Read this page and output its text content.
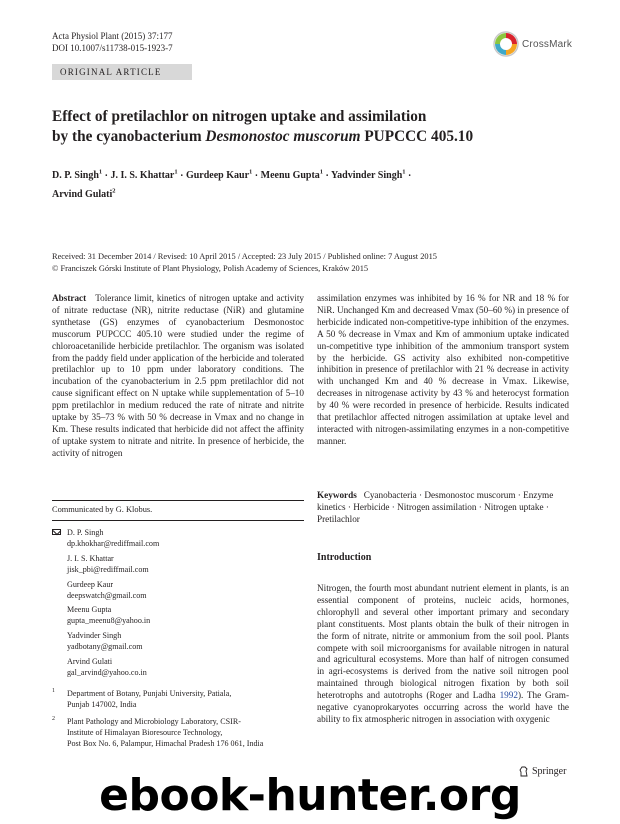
Acta Physiol Plant (2015) 37:177
DOI 10.1007/s11738-015-1923-7	CrossMark
ORIGINAL ARTICLE
Effect of pretilachlor on nitrogen uptake and assimilation
by the cyanobacterium Desmonostoc muscorum PUPCCC 405.10
D. P. Singh$^1$ · J. I. S. Khattar$^1$ · Gurdeep Kaur$^1$ · Meenu Gupta$^1$ · Yadvinder Singh$^1$ ·
Arvind Gulati$^2$
Received: 31 December 2014 / Revised: 10 April 2015 / Accepted: 23 July 2015 / Published online: 7 August 2015
© Franciszek Górski Institute of Plant Physiology, Polish Academy of Sciences, Kraków 2015
Abstract Tolerance limit, kinetics of nitrogen uptake and activity of nitrate reductase (NR), nitrite reductase (NiR) and glutamine synthetase (GS) enzymes of cyanobacterium Desmonostoc muscorum PUPCCC 405.10 were studied under the regime of chloroacetanilide herbicide pretilachlor. The organism was isolated from the paddy field under application of the herbicide and tolerated pretilachlor up to 10 ppm under laboratory conditions. The incubation of the cyanobacterium in 2.5 ppm pretilachlor did not cause significant effect on N uptake while supplementation of 5–10 ppm pretilachlor in medium reduced the rate of nitrate and nitrite uptake by 35–73 % with 50 % decrease in Vmax and no change in Km. These results indicated that herbicide did not affect the affinity of uptake system to nitrate and nitrite. In presence of herbicide, the activity of nitrogen
assimilation enzymes was inhibited by 16 % for NR and 18 % for NiR. Unchanged Km and decreased Vmax (50–60 %) in presence of herbicide indicated non-competitive-type inhibition of the enzymes. A 50 % decrease in Vmax and Km of ammonium uptake indicated un-competitive type inhibition of the ammonium transport system by the herbicide. GS activity also exhibited non-competitive inhibition in presence of pretilachlor with 21 % decrease in activity with unchanged Km and 40 % decrease in Vmax. Likewise, decreases in nitrogenase activity by 43 % and heterocyst formation by 40 % were recorded in presence of herbicide. Results indicated that pretilachlor affected nitrogen assimilation at uptake level and interacted with nitrogen-assimilating enzymes in a non-competitive manner.
Keywords Cyanobacteria · Desmonostoc muscorum · Enzyme kinetics · Herbicide · Nitrogen assimilation · Nitrogen uptake · Pretilachlor
Communicated by G. Klobus.
D. P. Singh
dp.khokhar@rediffmail.com
J. I. S. Khattar
jisk_pbi@rediffmail.com
Gurdeep Kaur
deepswatch@gmail.com
Meenu Gupta
gupta_meenu8@yahoo.in
Yadvinder Singh
yadbotany@gmail.com
Arvind Gulati
gal_arvind@yahoo.co.in
1 Department of Botany, Punjabi University, Patiala,
Punjab 147002, India
2 Plant Pathology and Microbiology Laboratory, CSIR-
Institute of Himalayan Bioresource Technology,
Post Box No. 6, Palampur, Himachal Pradesh 176 061, India
Introduction
Nitrogen, the fourth most abundant nutrient element in plants, is an essential component of proteins, nucleic acids, hormones, chlorophyll and several other important primary and secondary plant constituents. Most plants obtain the bulk of their nitrogen in the form of nitrate, nitrite or ammonium from the soil pool. Plants compete with soil microorganisms for available nitrogen in natural and agricultural ecosystems. More than half of nitrogen consumed in agri-ecosystems is derived from the native soil nitrogen pool maintained through biological nitrogen fixation by both soil heterotrophs and autotrophs (Roger and Ladha 1992). The Gram-negative cyanoprokaryotes occurring across the world have the ability to fix atmospheric nitrogen in association with oxygenic
Springer
ebook-hunter.org
